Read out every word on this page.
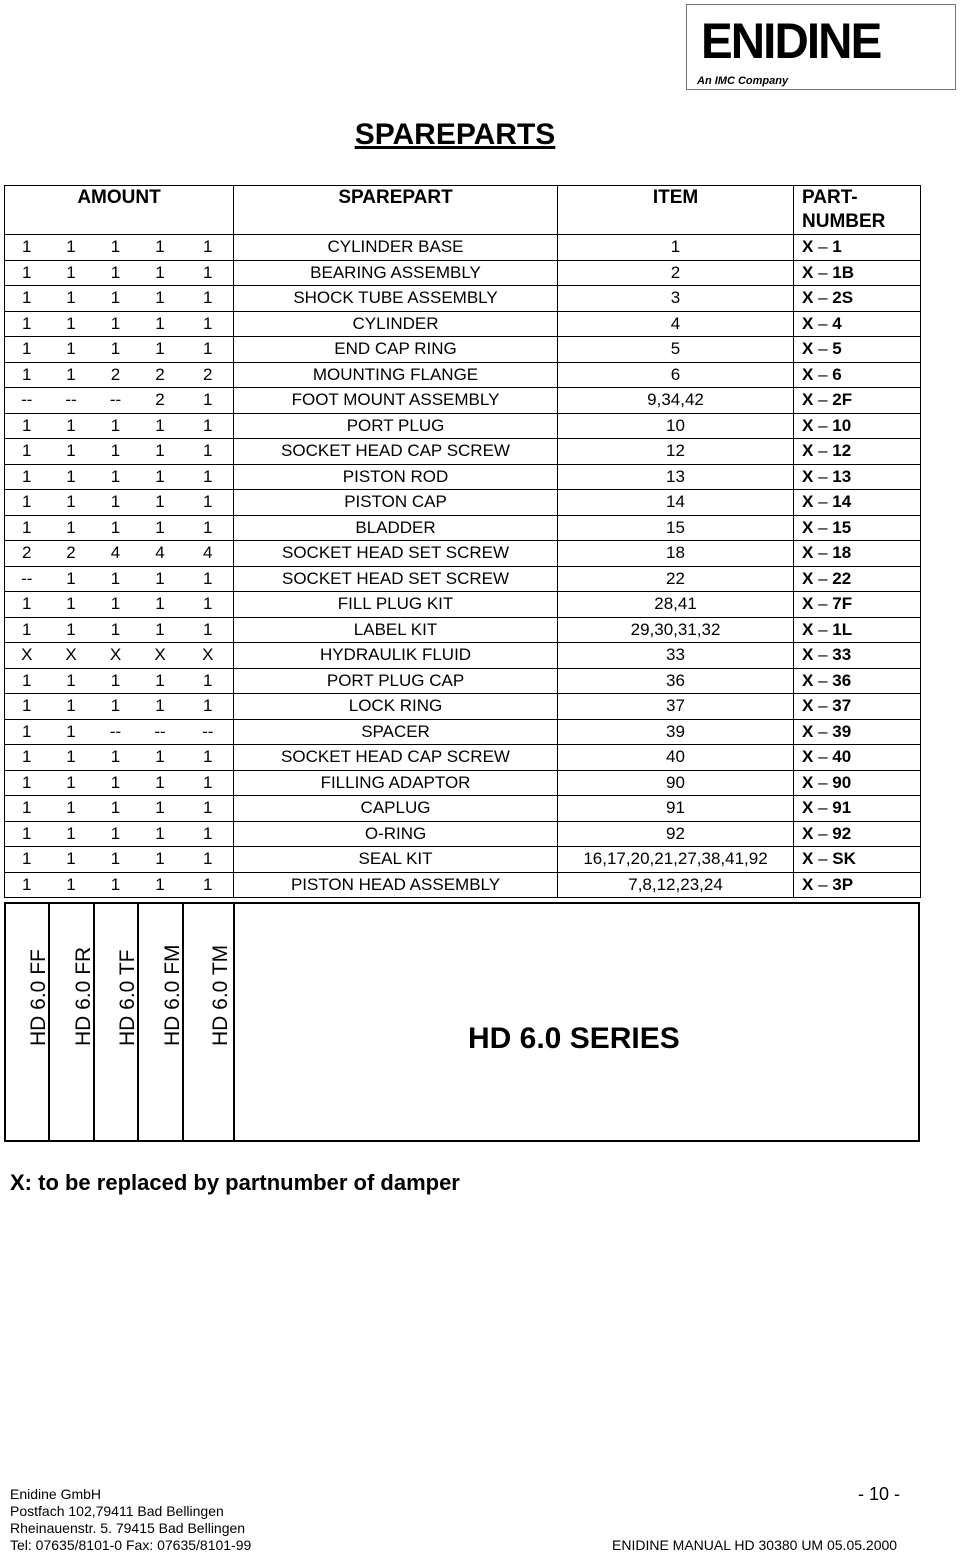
ENIDINE
An IMC Company
SPAREPARTS
AMOUNT					SPAREPART	ITEM	PART-NUMBER
1	1	1	1	1	CYLINDER BASE	1	X – 1
1	1	1	1	1	BEARING ASSEMBLY	2	X – 1B
1	1	1	1	1	SHOCK TUBE ASSEMBLY	3	X – 2S
1	1	1	1	1	CYLINDER	4	X – 4
1	1	1	1	1	END CAP RING	5	X – 5
1	1	2	2	2	MOUNTING FLANGE	6	X – 6
--	--	--	2	1	FOOT MOUNT ASSEMBLY	9,34,42	X – 2F
1	1	1	1	1	PORT PLUG	10	X – 10
1	1	1	1	1	SOCKET HEAD CAP SCREW	12	X – 12
1	1	1	1	1	PISTON ROD	13	X – 13
1	1	1	1	1	PISTON CAP	14	X – 14
1	1	1	1	1	BLADDER	15	X – 15
2	2	4	4	4	SOCKET HEAD SET SCREW	18	X – 18
--	1	1	1	1	SOCKET HEAD SET SCREW	22	X – 22
1	1	1	1	1	FILL PLUG KIT	28,41	X – 7F
1	1	1	1	1	LABEL KIT	29,30,31,32	X – 1L
X	X	X	X	X	HYDRAULIK FLUID	33	X – 33
1	1	1	1	1	PORT PLUG CAP	36	X – 36
1	1	1	1	1	LOCK RING	37	X – 37
1	1	--	--	--	SPACER	39	X – 39
1	1	1	1	1	SOCKET HEAD CAP SCREW	40	X – 40
1	1	1	1	1	FILLING ADAPTOR	90	X – 90
1	1	1	1	1	CAPLUG	91	X – 91
1	1	1	1	1	O-RING	92	X – 92
1	1	1	1	1	SEAL KIT	16,17,20,21,27,38,41,92	X – SK
1	1	1	1	1	PISTON HEAD ASSEMBLY	7,8,12,23,24	X – 3P
HD 6.0 FF HD 6.0 FR HD 6.0 TF HD 6.0 FM HD 6.0 TM	HD 6.0 SERIES
X: to be replaced by partnumber of damper
Enidine GmbH
Postfach 102,79411 Bad Bellingen
Rheinauenstr. 5. 79415 Bad Bellingen
Tel: 07635/8101-0 Fax: 07635/8101-99
- 10 -
ENIDINE MANUAL HD 30380 UM 05.05.2000
